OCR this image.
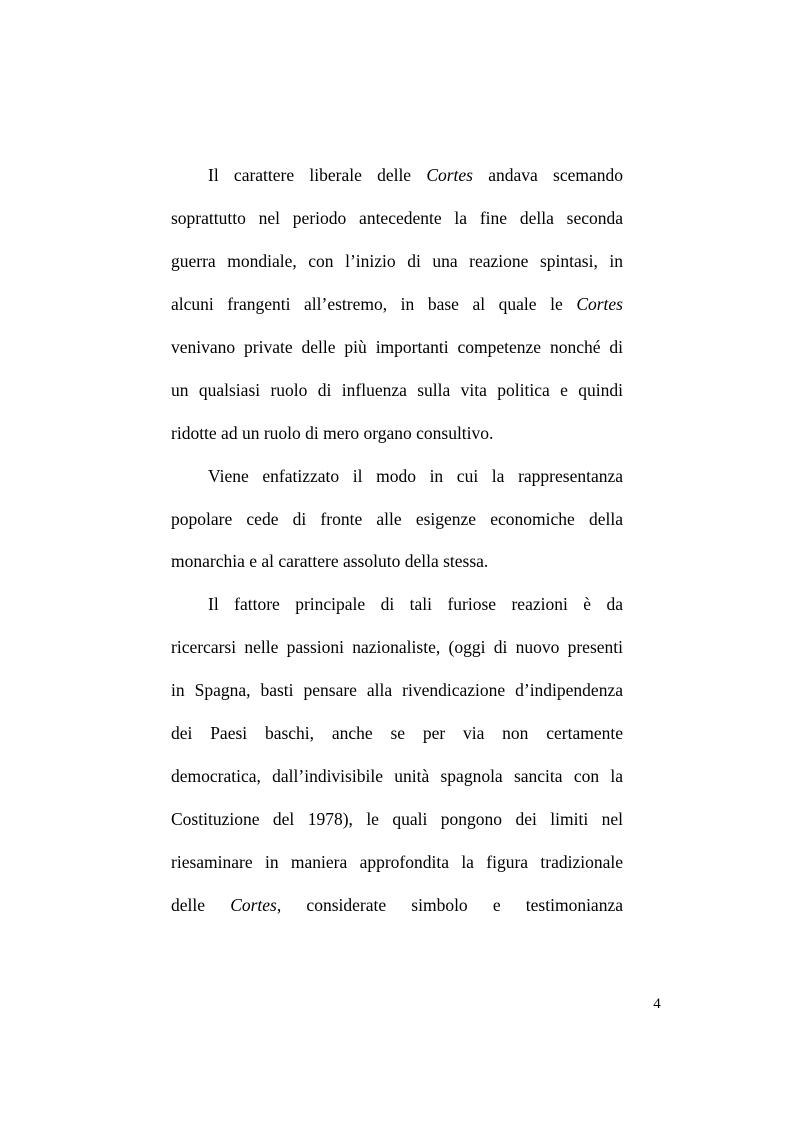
Il carattere liberale delle Cortes andava scemando
soprattutto nel periodo antecedente la fine della seconda
guerra mondiale, con l’inizio di una reazione spintasi, in
alcuni frangenti all’estremo, in base al quale le Cortes
venivano private delle più importanti competenze nonché di
un qualsiasi ruolo di influenza sulla vita politica e quindi
ridotte ad un ruolo di mero organo consultivo.
Viene enfatizzato il modo in cui la rappresentanza
popolare cede di fronte alle esigenze economiche della
monarchia e al carattere assoluto della stessa.
Il fattore principale di tali furiose reazioni è da
ricercarsi nelle passioni nazionaliste, (oggi di nuovo presenti
in Spagna, basti pensare alla rivendicazione d’indipendenza
dei Paesi baschi, anche se per via non certamente
democratica, dall’indivisibile unità spagnola sancita con la
Costituzione del 1978), le quali pongono dei limiti nel
riesaminare in maniera approfondita la figura tradizionale
delle Cortes, considerate simbolo e testimonianza
4
